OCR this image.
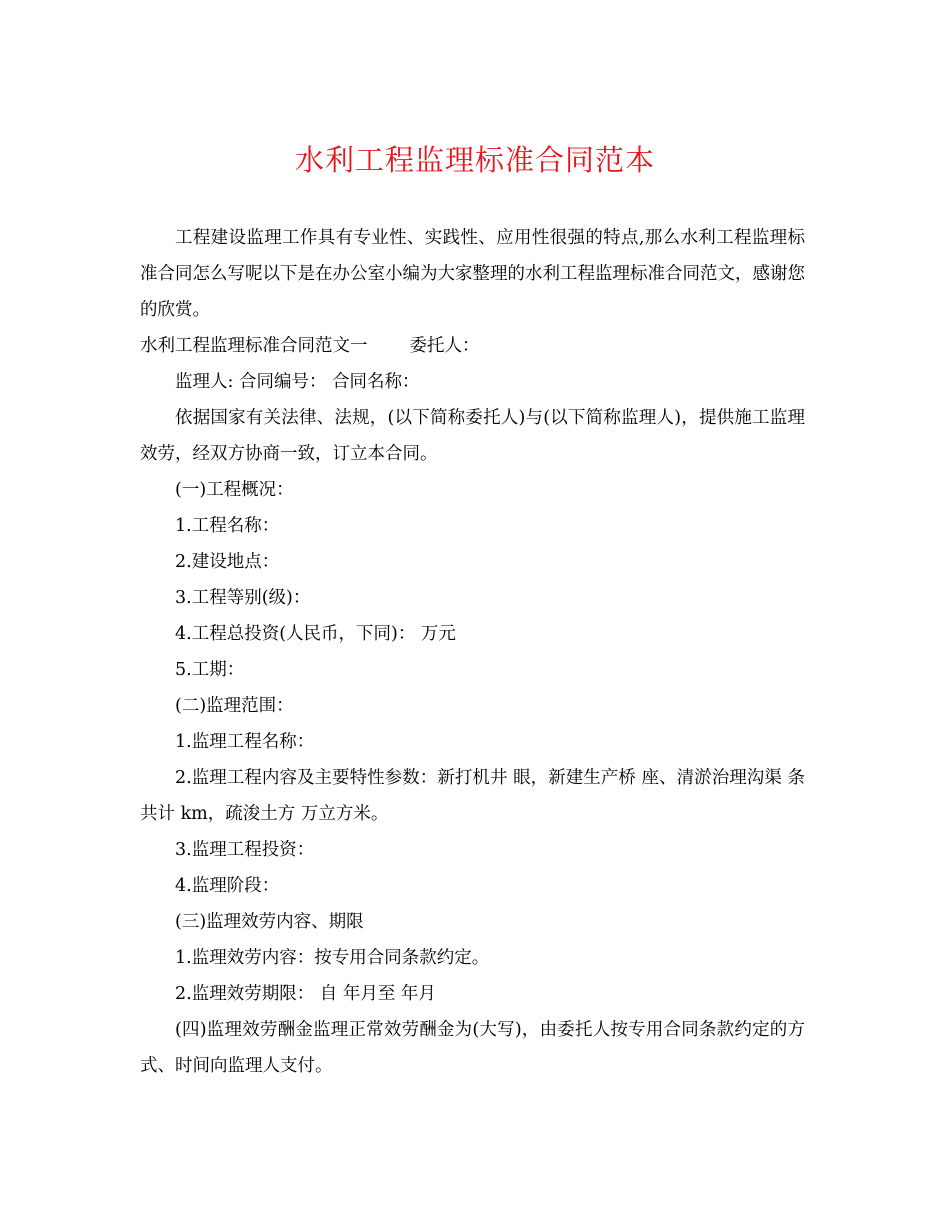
水利工程监理标准合同范本

工程建设监理工作具有专业性、实践性、应用性很强的特点,那么水利工程监理标准合同怎么写呢以下是在办公室小编为大家整理的水利工程监理标准合同范文，感谢您的欣赏。

水利工程监理标准合同范文一 委托人：

监理人: 合同编号： 合同名称：

依据国家有关法律、法规，(以下简称委托人)与(以下简称监理人)，提供施工监理效劳，经双方协商一致，订立本合同。

(一)工程概况：

1.工程名称：

2.建设地点：

3.工程等别(级)：

4.工程总投资(人民币，下同)： 万元

5.工期：

(二)监理范围：

1.监理工程名称：

2.监理工程内容及主要特性参数：新打机井 眼，新建生产桥 座、清淤治理沟渠 条共计 km，疏浚土方 万立方米。

3.监理工程投资：

4.监理阶段：

(三)监理效劳内容、期限

1.监理效劳内容：按专用合同条款约定。

2.监理效劳期限： 自 年月至 年月

(四)监理效劳酬金监理正常效劳酬金为(大写)，由委托人按专用合同条款约定的方式、时间向监理人支付。
